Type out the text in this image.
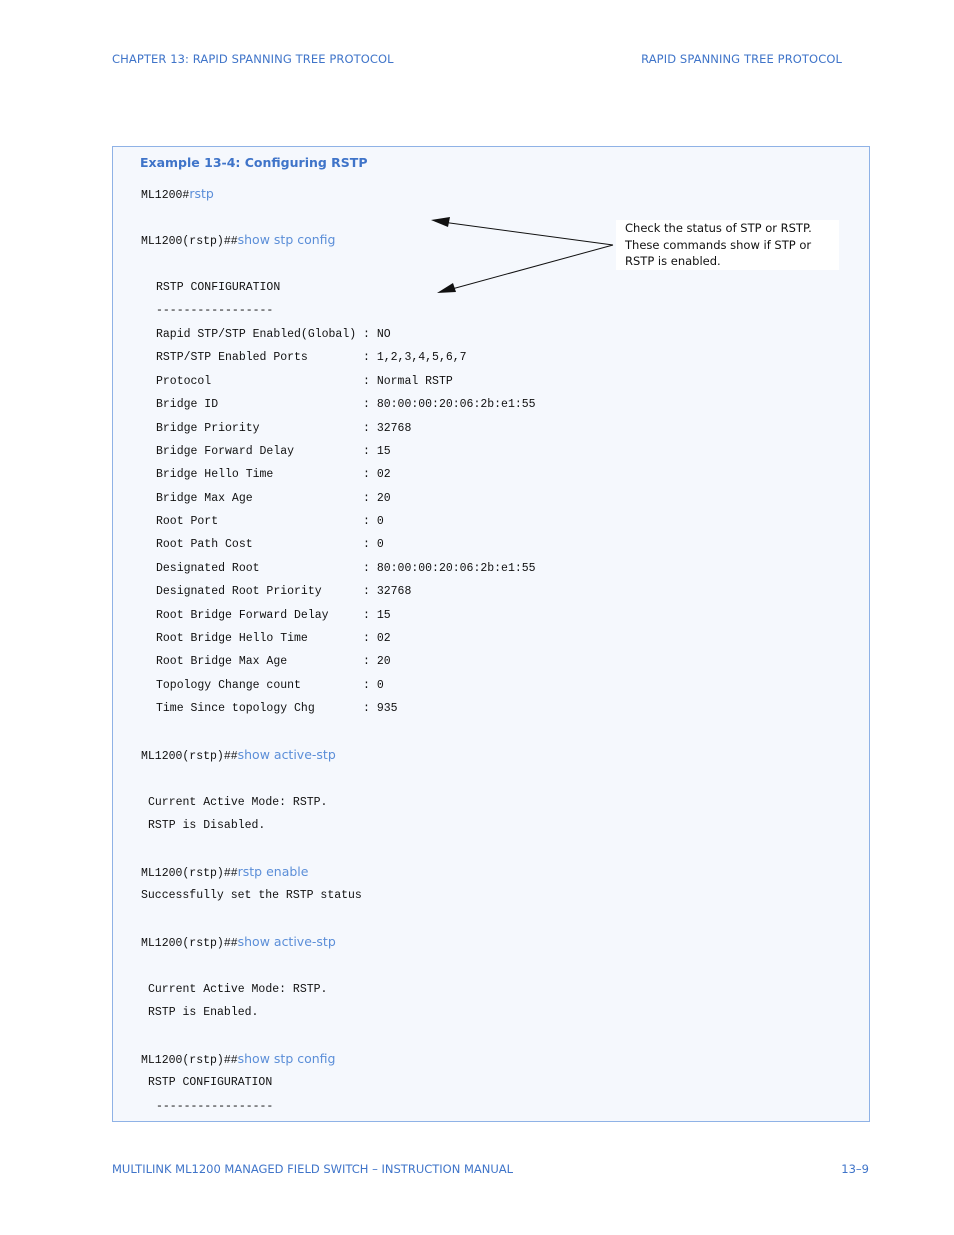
CHAPTER 13: RAPID SPANNING TREE PROTOCOL	RAPID SPANNING TREE PROTOCOL
Example 13-4: Configuring RSTP
Check the status of STP or RSTP. These commands show if STP or RSTP is enabled.
ML1200#rstp
ML1200(rstp)##show stp config
RSTP CONFIGURATION
-----------------
Rapid STP/STP Enabled(Global) : NO
RSTP/STP Enabled Ports        : 1,2,3,4,5,6,7
Protocol                      : Normal RSTP
Bridge ID                     : 80:00:00:20:06:2b:e1:55
Bridge Priority               : 32768
Bridge Forward Delay          : 15
Bridge Hello Time             : 02
Bridge Max Age                : 20
Root Port                     : 0
Root Path Cost                : 0
Designated Root               : 80:00:00:20:06:2b:e1:55
Designated Root Priority      : 32768
Root Bridge Forward Delay     : 15
Root Bridge Hello Time        : 02
Root Bridge Max Age           : 20
Topology Change count         : 0
Time Since topology Chg       : 935
ML1200(rstp)##show active-stp
Current Active Mode: RSTP.
RSTP is Disabled.
ML1200(rstp)##rstp enable
Successfully set the RSTP status
ML1200(rstp)##show active-stp
Current Active Mode: RSTP.
RSTP is Enabled.
ML1200(rstp)##show stp config
RSTP CONFIGURATION
-----------------
MULTILINK ML1200 MANAGED FIELD SWITCH – INSTRUCTION MANUAL	13–9
